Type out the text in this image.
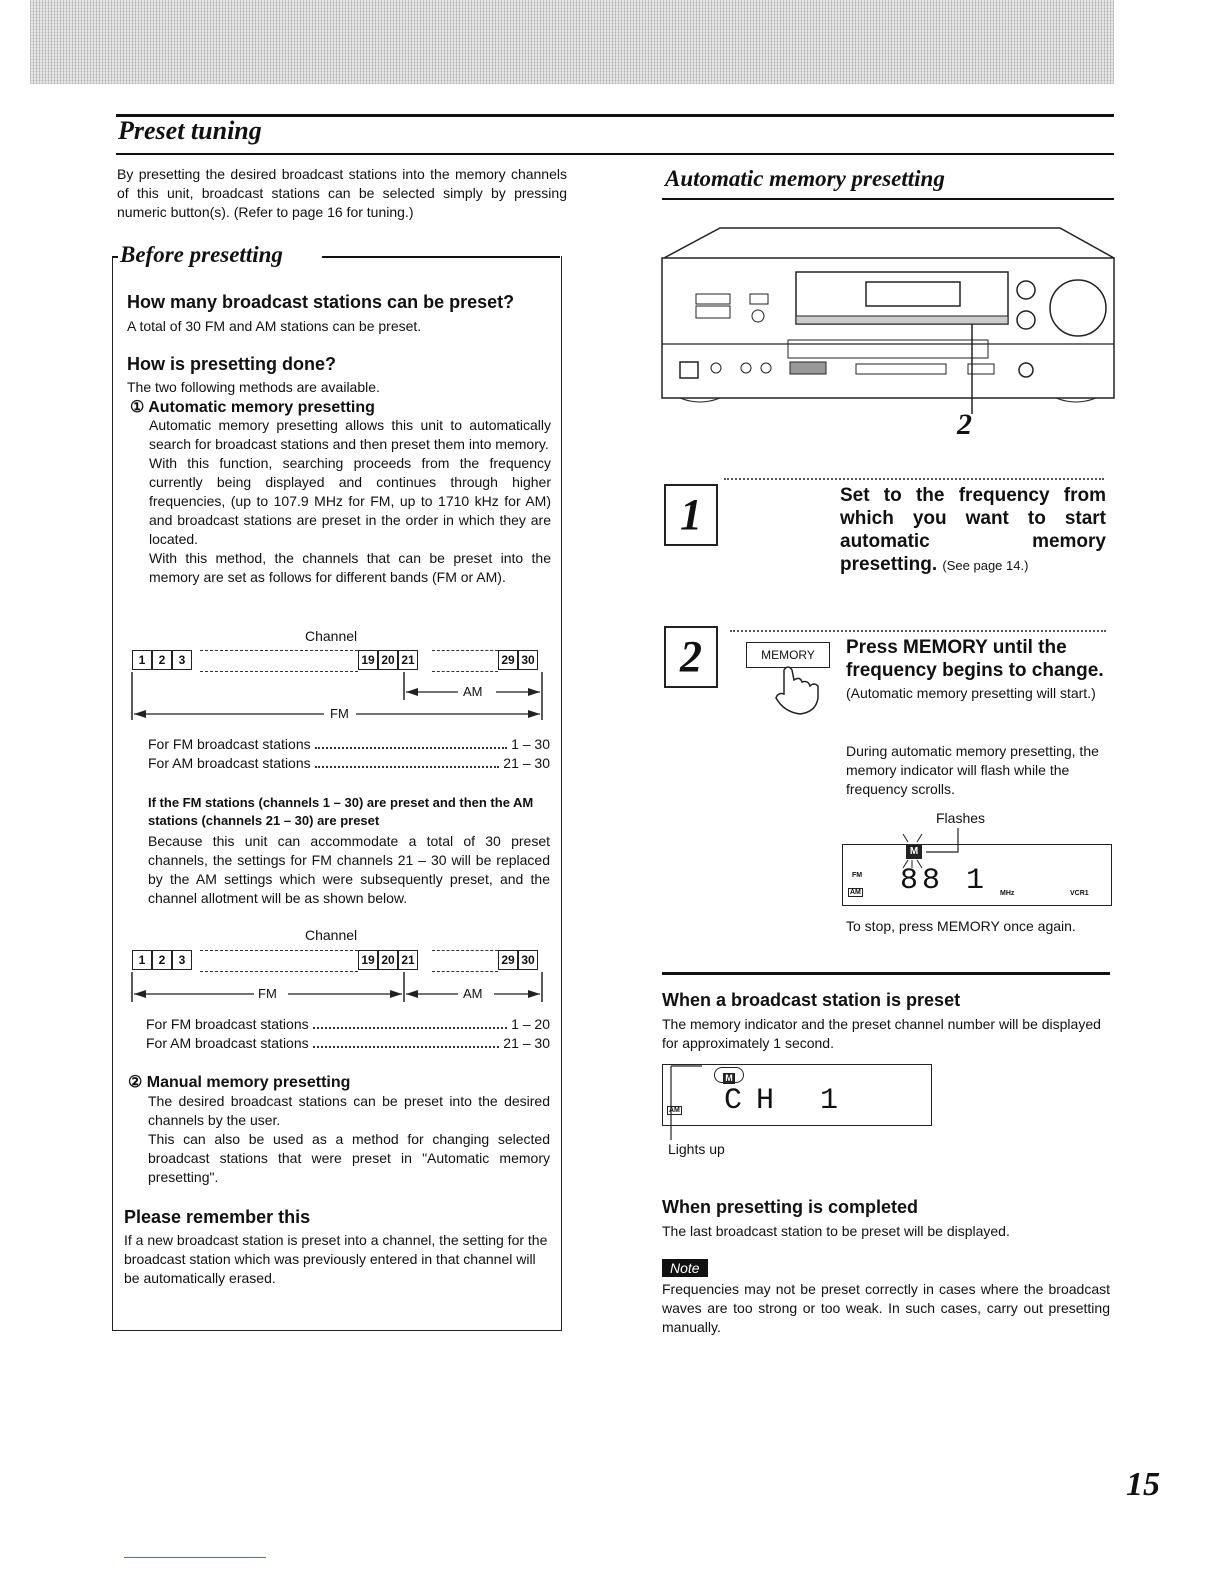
Preset tuning
By presetting the desired broadcast stations into the memory channels of this unit, broadcast stations can be selected simply by pressing numeric button(s). (Refer to page 16 for tuning.)
Before presetting
How many broadcast stations can be preset?
A total of 30 FM and AM stations can be preset.
How is presetting done?
The two following methods are available.
① Automatic memory presetting
Automatic memory presetting allows this unit to automatically search for broadcast stations and then preset them into memory.
With this function, searching proceeds from the frequency currently being displayed and continues through higher frequencies, (up to 107.9 MHz for FM, up to 1710 kHz for AM) and broadcast stations are preset in the order in which they are located.
With this method, the channels that can be preset into the memory are set as follows for different bands (FM or AM).
Channel
1 2 3	19 20 21	29 30
AM
FM
For FM broadcast stations	1 – 30
For AM broadcast stations	21 – 30
If the FM stations (channels 1 – 30) are preset and then the AM stations (channels 21 – 30) are preset
Because this unit can accommodate a total of 30 preset channels, the settings for FM channels 21 – 30 will be replaced by the AM settings which were subsequently preset, and the channel allotment will be as shown below.
Channel
1 2 3	19 20 21	29 30
FM	AM
For FM broadcast stations	1 – 20
For AM broadcast stations	21 – 30
② Manual memory presetting
The desired broadcast stations can be preset into the desired channels by the user.
This can also be used as a method for changing selected broadcast stations that were preset in "Automatic memory presetting".
Please remember this
If a new broadcast station is preset into a channel, the setting for the broadcast station which was previously entered in that channel will be automatically erased.
Automatic memory presetting
2
1	Set to the frequency from which you want to start automatic memory presetting. (See page 14.)
2	MEMORY	Press MEMORY until the frequency begins to change.
(Automatic memory presetting will start.)
During automatic memory presetting, the memory indicator will flash while the frequency scrolls.
Flashes
M
FM
AM 88 1 MHz	VCR1
To stop, press MEMORY once again.
When a broadcast station is preset
The memory indicator and the preset channel number will be displayed for approximately 1 second.
M
AM CH 1
Lights up
When presetting is completed
The last broadcast station to be preset will be displayed.
Note
Frequencies may not be preset correctly in cases where the broadcast waves are too strong or too weak. In such cases, carry out presetting manually.
15
